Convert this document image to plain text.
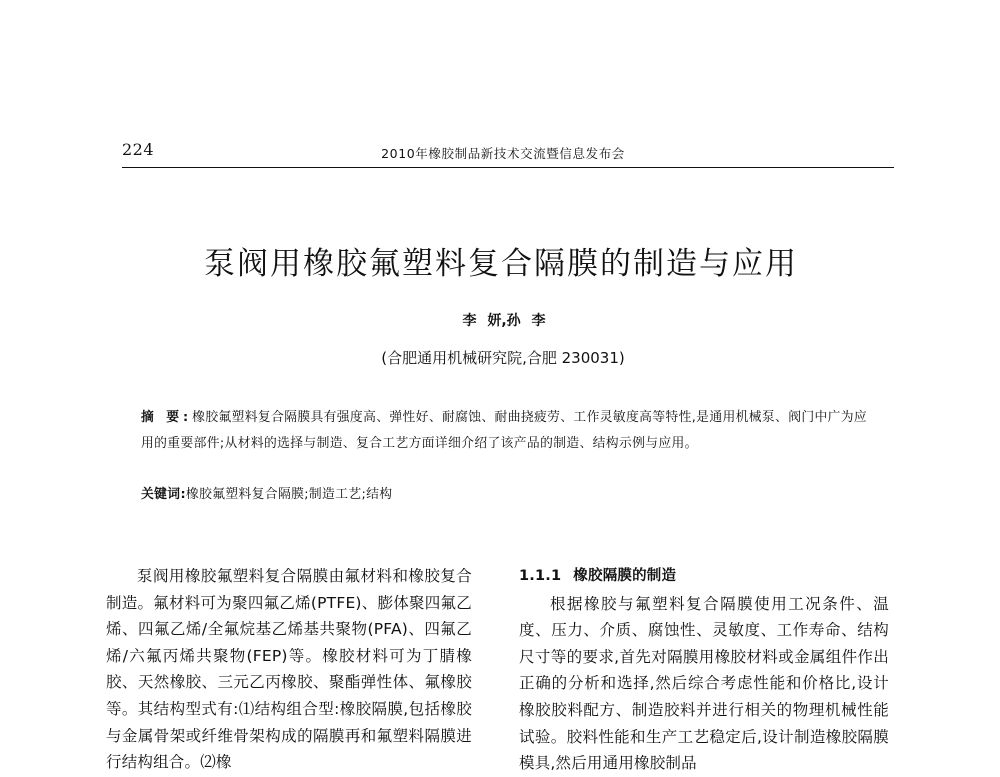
224	2010年橡胶制品新技术交流暨信息发布会
泵阀用橡胶氟塑料复合隔膜的制造与应用
李 妍,孙 李
(合肥通用机械研究院,合肥 230031)
摘 要:橡胶氟塑料复合隔膜具有强度高、弹性好、耐腐蚀、耐曲挠疲劳、工作灵敏度高等特性,是通用机械泵、阀门中广为应用的重要部件;从材料的选择与制造、复合工艺方面详细介绍了该产品的制造、结构示例与应用。
关键词:橡胶氟塑料复合隔膜;制造工艺;结构

泵阀用橡胶氟塑料复合隔膜由氟材料和橡胶复合制造。氟材料可为聚四氟乙烯(PTFE)、膨体聚四氟乙烯、四氟乙烯/全氟烷基乙烯基共聚物(PFA)、四氟乙烯/六氟丙烯共聚物(FEP)等。橡胶材料可为丁腈橡胶、天然橡胶、三元乙丙橡胶、聚酯弹性体、氟橡胶等。其结构型式有:⑴结构组合型:橡胶隔膜,包括橡胶与金属骨架或纤维骨架构成的隔膜再和氟塑料隔膜进行结构组合。⑵橡

1.1.1 橡胶隔膜的制造

根据橡胶与氟塑料复合隔膜使用工况条件、温度、压力、介质、腐蚀性、灵敏度、工作寿命、结构尺寸等的要求,首先对隔膜用橡胶材料或金属组件作出正确的分析和选择,然后综合考虑性能和价格比,设计橡胶胶料配方、制造胶料并进行相关的物理机械性能试验。胶料性能和生产工艺稳定后,设计制造橡胶隔膜模具,然后用通用橡胶制品
